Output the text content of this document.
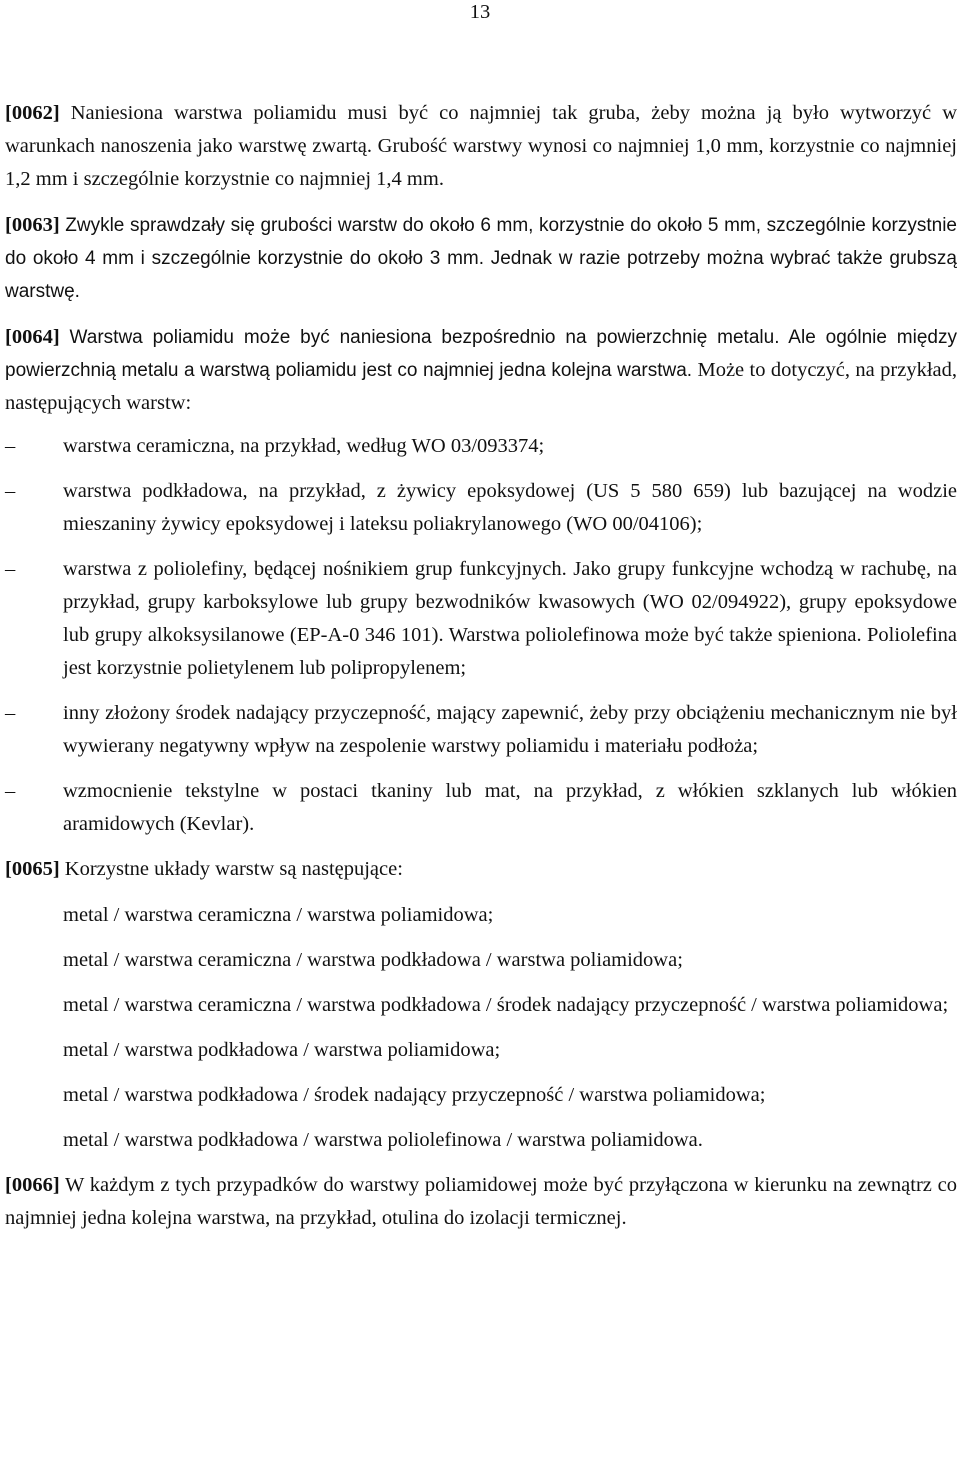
13

[0062] Naniesiona warstwa poliamidu musi być co najmniej tak gruba, żeby można ją było wytworzyć w warunkach nanoszenia jako warstwę zwartą. Grubość warstwy wynosi co najmniej 1,0 mm, korzystnie co najmniej 1,2 mm i szczególnie korzystnie co najmniej 1,4 mm.

[0063] Zwykle sprawdzały się grubości warstw do około 6 mm, korzystnie do około 5 mm, szczególnie korzystnie do około 4 mm i szczególnie korzystnie do około 3 mm. Jednak w razie potrzeby można wybrać także grubszą warstwę.

[0064] Warstwa poliamidu może być naniesiona bezpośrednio na powierzchnię metalu. Ale ogólnie między powierzchnią metalu a warstwą poliamidu jest co najmniej jedna kolejna warstwa. Może to dotyczyć, na przykład, następujących warstw:

–	warstwa ceramiczna, na przykład, według WO 03/093374;
–	warstwa podkładowa, na przykład, z żywicy epoksydowej (US 5 580 659) lub bazującej na wodzie mieszaniny żywicy epoksydowej i lateksu poliakrylanowego (WO 00/04106);
–	warstwa z poliolefiny, będącej nośnikiem grup funkcyjnych. Jako grupy funkcyjne wchodzą w rachubę, na przykład, grupy karboksylowe lub grupy bezwodników kwasowych (WO 02/094922), grupy epoksydowe lub grupy alkoksysilanowe (EP-A-0 346 101). Warstwa poliolefinowa może być także spieniona. Poliolefina jest korzystnie polietylenem lub polipropylenem;
–	inny złożony środek nadający przyczepność, mający zapewnić, żeby przy obciążeniu mechanicznym nie był wywierany negatywny wpływ na zespolenie warstwy poliamidu i materiału podłoża;
–	wzmocnienie tekstylne w postaci tkaniny lub mat, na przykład, z włókien szklanych lub włókien aramidowych (Kevlar).

[0065] Korzystne układy warstw są następujące:

metal / warstwa ceramiczna / warstwa poliamidowa;
metal / warstwa ceramiczna / warstwa podkładowa / warstwa poliamidowa;
metal / warstwa ceramiczna / warstwa podkładowa / środek nadający przyczepność / warstwa poliamidowa;
metal / warstwa podkładowa / warstwa poliamidowa;
metal / warstwa podkładowa / środek nadający przyczepność / warstwa poliamidowa;
metal / warstwa podkładowa / warstwa poliolefinowa / warstwa poliamidowa.

[0066] W każdym z tych przypadków do warstwy poliamidowej może być przyłączona w kierunku na zewnątrz co najmniej jedna kolejna warstwa, na przykład, otulina do izolacji termicznej.
